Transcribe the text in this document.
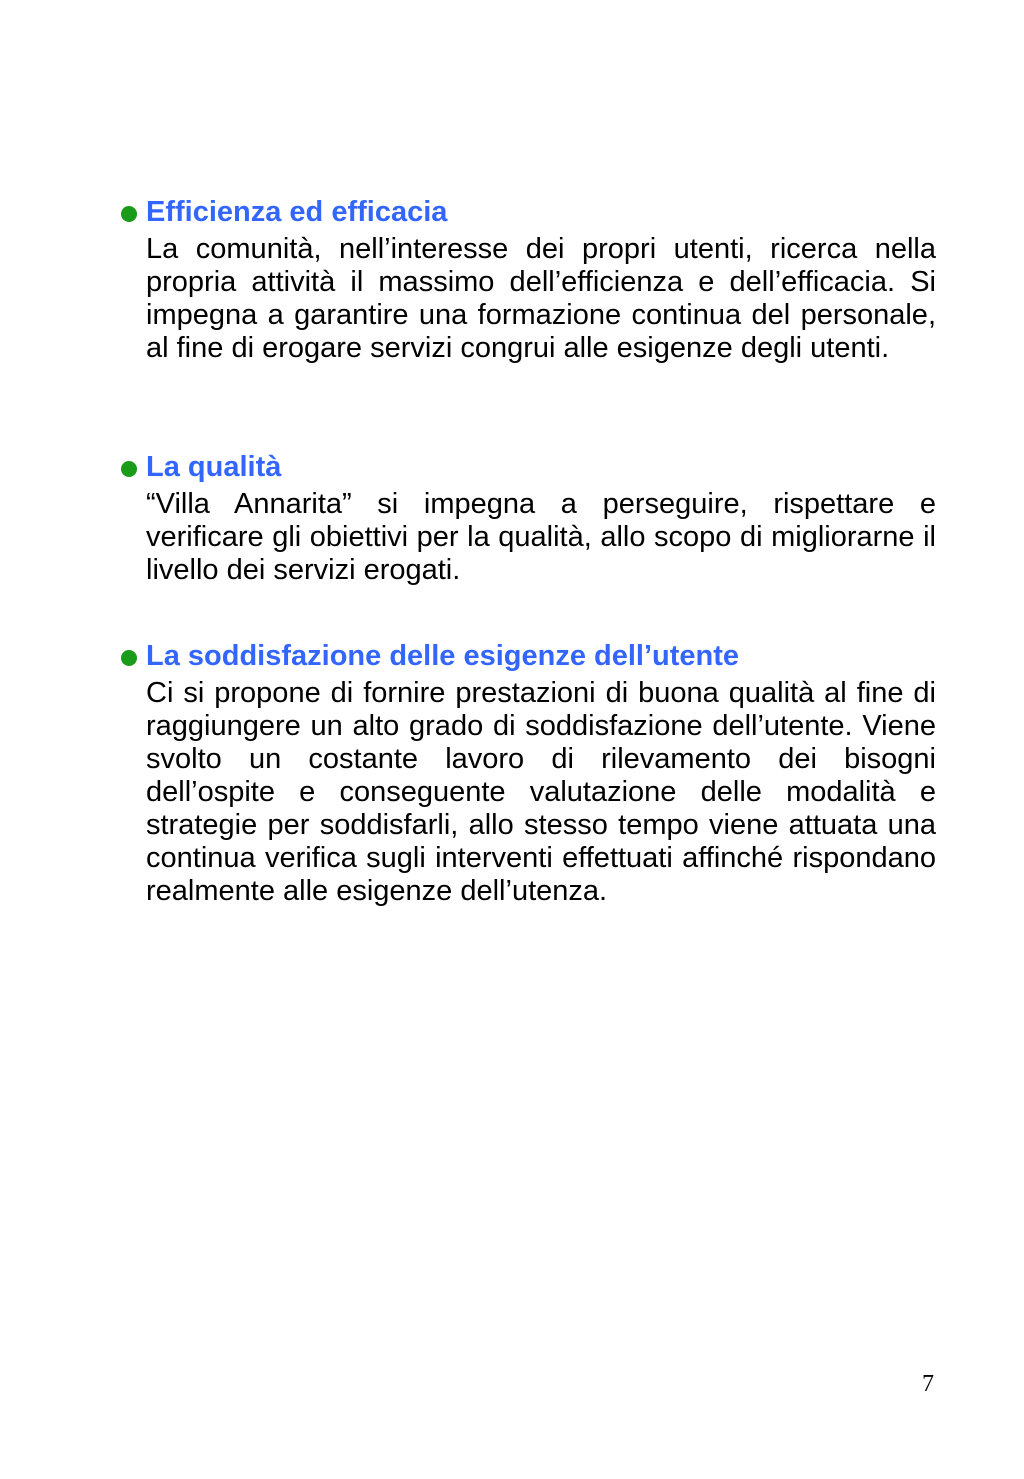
Efficienza ed efficacia

La comunità, nell’interesse dei propri utenti, ricerca nella propria attività il massimo dell’efficienza e dell’efficacia. Si impegna a garantire una formazione continua del personale, al fine di erogare servizi congrui alle esigenze degli utenti.

La qualità

“Villa Annarita” si impegna a perseguire, rispettare e verificare gli obiettivi per la qualità, allo scopo di migliorarne il livello dei servizi erogati.

La soddisfazione delle esigenze dell’utente

Ci si propone di fornire prestazioni di buona qualità al fine di raggiungere un alto grado di soddisfazione dell’utente. Viene svolto un costante lavoro di rilevamento dei bisogni dell’ospite e conseguente valutazione delle modalità e strategie per soddisfarli, allo stesso tempo viene attuata una continua verifica sugli interventi effettuati affinché rispondano realmente alle esigenze dell’utenza.

7
